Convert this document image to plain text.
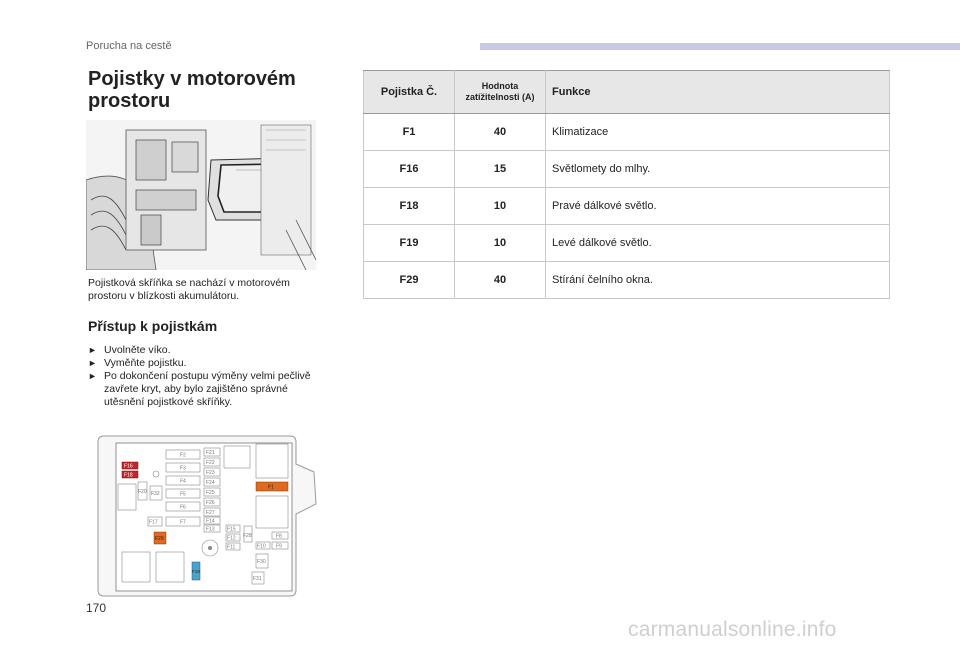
Porucha na cestě
Pojistky v motorovém prostoru
Pojistková skříňka se nachází v motorovém prostoru v blízkosti akumulátoru.
Přístup k pojistkám
► Uvolněte víko.
► Vyměňte pojistku.
► Po dokončení postupu výměny velmi pečlivě zavřete kryt, aby bylo zajištěno správné utěsnění pojistkové skříňky.
F2
F3
F4
F5
F6
F7
F17
F20
F21
F22
F23
F24
F25
F26
F27
F14
F13 F15
F12
F11
F28	F8
F10 F9
F30
F31
F32
F16
F18
F19
F29
F1
Pojistka Č.	Hodnota zatížitelnosti (A)	Funkce
F1	40	Klimatizace
F16	15	Světlomety do mlhy.
F18	10	Pravé dálkové světlo.
F19	10	Levé dálkové světlo.
F29	40	Stírání čelního okna.
170
carmanualsonline.info
